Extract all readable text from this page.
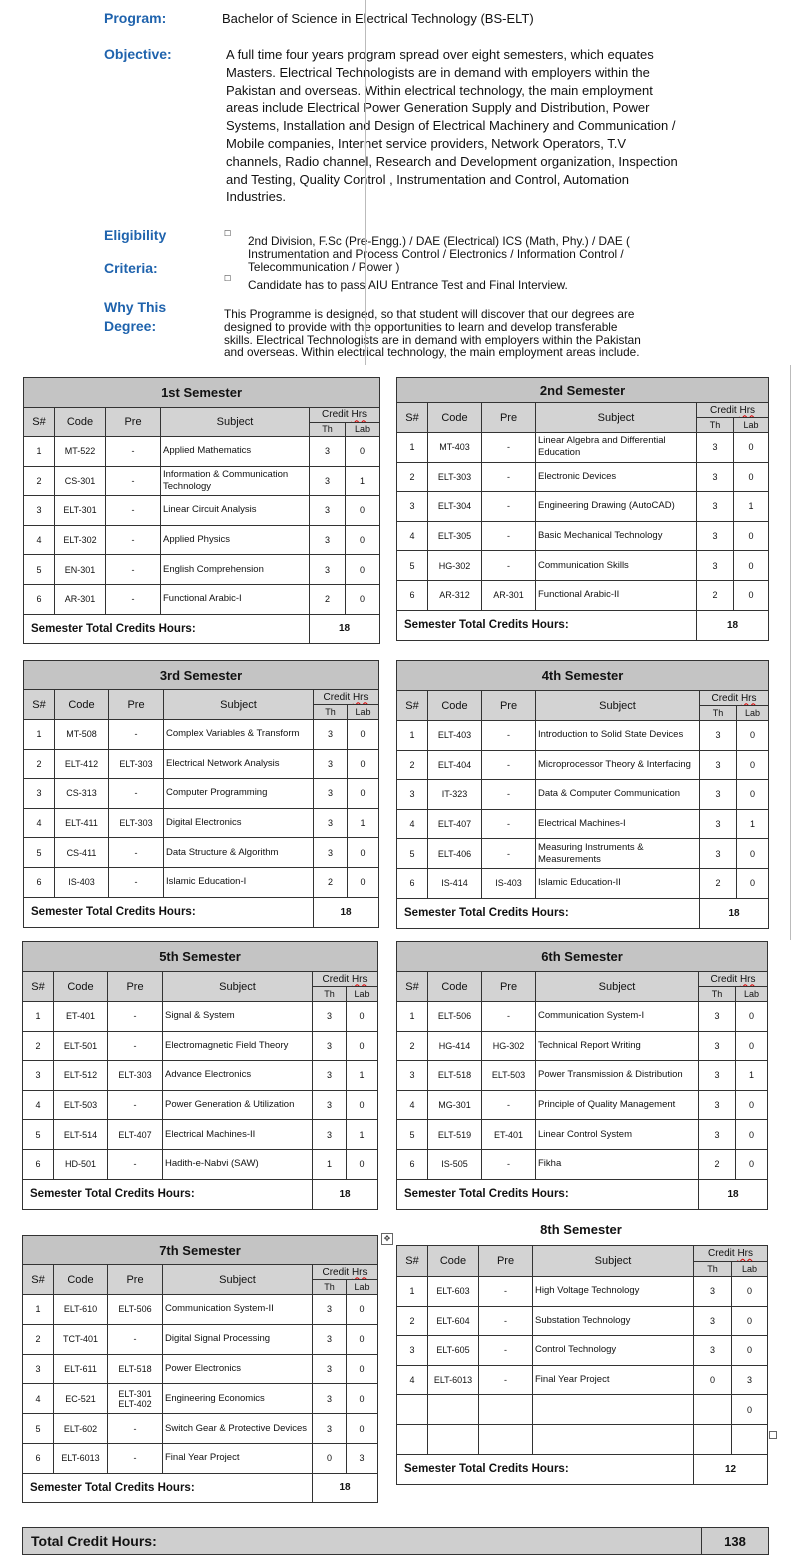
Program:	Bachelor of Science in Electrical Technology (BS-ELT)
Objective:	A full time four years program spread over eight semesters, which equates
Masters. Electrical Technologists are in demand with employers within the
Pakistan and overseas. Within electrical technology, the main employment
areas include Electrical Power Generation Supply and Distribution, Power
Systems, Installation and Design of Electrical Machinery and Communication /
Mobile companies, Internet service providers, Network Operators, T.V
channels, Radio channel, Research and Development organization, Inspection
and Testing, Quality Control , Instrumentation and Control, Automation
Industries.
Eligibility
Criteria:
☐
2nd Division, F.Sc (Pre-Engg.) / DAE (Electrical) ICS (Math, Phy.) / DAE (
Instrumentation and Process Control / Electronics / Information Control /
Telecommunication / Power )
☐ Candidate has to pass AIU Entrance Test and Final Interview.
Why This
Degree:
This Programme is designed, so that student will discover that our degrees are
designed to provide with the opportunities to learn and develop transferable
skills. Electrical Technologists are in demand with employers within the Pakistan
and overseas. Within electrical technology, the main employment areas include.
1st Semester					
S#	Code	Pre	Subject	Credit Hrs	
				Th	Lab
1	MT-522	-	Applied Mathematics	3	0
2	CS-301	-	Information & Communication Technology	3	1
3	ELT-301	-	Linear Circuit Analysis	3	0
4	ELT-302	-	Applied Physics	3	0
5	EN-301	-	English Comprehension	3	0
6	AR-301	-	Functional Arabic-I	2	0
Semester Total Credits Hours:				18	
2nd Semester					
S#	Code	Pre	Subject	Credit Hrs	
				Th	Lab
1	MT-403	-	Linear Algebra and Differential Education	3	0
2	ELT-303	-	Electronic Devices	3	0
3	ELT-304	-	Engineering Drawing (AutoCAD)	3	1
4	ELT-305	-	Basic Mechanical Technology	3	0
5	HG-302	-	Communication Skills	3	0
6	AR-312	AR-301	Functional Arabic-II	2	0
Semester Total Credits Hours:				18	
3rd Semester					
S#	Code	Pre	Subject	Credit Hrs	
				Th	Lab
1	MT-508	-	Complex Variables & Transform	3	0
2	ELT-412	ELT-303	Electrical Network Analysis	3	0
3	CS-313	-	Computer Programming	3	0
4	ELT-411	ELT-303	Digital Electronics	3	1
5	CS-411	-	Data Structure & Algorithm	3	0
6	IS-403	-	Islamic Education-I	2	0
Semester Total Credits Hours:				18	
4th Semester					
S#	Code	Pre	Subject	Credit Hrs	
				Th	Lab
1	ELT-403	-	Introduction to Solid State Devices	3	0
2	ELT-404	-	Microprocessor Theory & Interfacing	3	0
3	IT-323	-	Data & Computer Communication	3	0
4	ELT-407	-	Electrical Machines-I	3	1
5	ELT-406	-	Measuring Instruments & Measurements	3	0
6	IS-414	IS-403	Islamic Education-II	2	0
Semester Total Credits Hours:				18	
5th Semester					
S#	Code	Pre	Subject	Credit Hrs	
				Th	Lab
1	ET-401	-	Signal & System	3	0
2	ELT-501	-	Electromagnetic Field Theory	3	0
3	ELT-512	ELT-303	Advance Electronics	3	1
4	ELT-503	-	Power Generation & Utilization	3	0
5	ELT-514	ELT-407	Electrical Machines-II	3	1
6	HD-501	-	Hadith-e-Nabvi (SAW)	1	0
Semester Total Credits Hours:				18	
6th Semester					
S#	Code	Pre	Subject	Credit Hrs	
				Th	Lab
1	ELT-506	-	Communication System-I	3	0
2	HG-414	HG-302	Technical Report Writing	3	0
3	ELT-518	ELT-503	Power Transmission & Distribution	3	1
4	MG-301	-	Principle of Quality Management	3	0
5	ELT-519	ET-401	Linear Control System	3	0
6	IS-505	-	Fikha	2	0
Semester Total Credits Hours:				18	
7th Semester					
S#	Code	Pre	Subject	Credit Hrs	
				Th	Lab
1	ELT-610	ELT-506	Communication System-II	3	0
2	TCT-401	-	Digital Signal Processing	3	0
3	ELT-611	ELT-518	Power Electronics	3	0
4	EC-521	ELT-301 ELT-402	Engineering Economics	3	0
5	ELT-602	-	Switch Gear & Protective Devices	3	0
6	ELT-6013	-	Final Year Project	0	3
Semester Total Credits Hours:				18	
S#	Code	Pre	Subject	Credit Hrs	
				Th	Lab
1	ELT-603	-	High Voltage Technology	3	0
2	ELT-604	-	Substation Technology	3	0
3	ELT-605	-	Control Technology	3	0
4	ELT-6013	-	Final Year Project	0	3
					0

Semester Total Credits Hours:				12	
8th Semester
✥
Total Credit Hours:	138
